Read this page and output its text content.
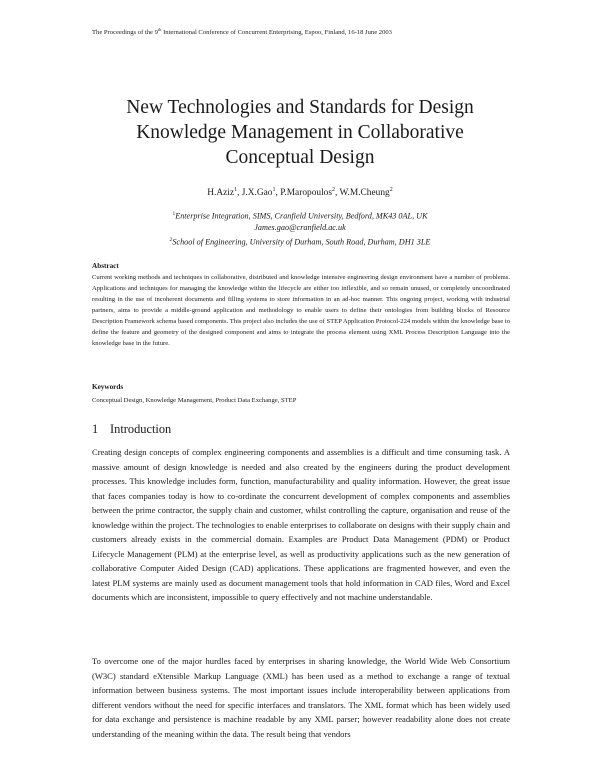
The Proceedings of the 9th International Conference of Concurrent Enterprising, Espoo, Finland, 16-18 June 2003
New Technologies and Standards for Design
Knowledge Management in Collaborative
Conceptual Design
H.Aziz$^1$, J.X.Gao$^1$, P.Maropoulos$^2$, W.M.Cheung$^2$
$^1$Enterprise Integration, SIMS, Cranfield University, Bedford, MK43 0AL, UK
James.gao@cranfield.ac.uk
$^2$School of Engineering, University of Durham, South Road, Durham, DH1 3LE
Abstract
Current working methods and techniques in collaborative, distributed and knowledge intensive engineering design environment have a number of problems. Applications and techniques for managing the knowledge within the lifecycle are either too inflexible, and so remain unused, or completely uncoordinated resulting in the use of incoherent documents and filling systems to store information in an ad-hoc manner. This ongoing project, working with industrial partners, aims to provide a middle-ground application and methodology to enable users to define their ontologies from building blocks of Resource Description Framework schema based components. This project also includes the use of STEP Application Protocol-224 models within the knowledge base to define the feature and geometry of the designed component and aims to integrate the process element using XML Process Description Language into the knowledge base in the future.
Keywords
Conceptual Design, Knowledge Management, Product Data Exchange, STEP
1 Introduction
Creating design concepts of complex engineering components and assemblies is a difficult and time consuming task. A massive amount of design knowledge is needed and also created by the engineers during the product development processes. This knowledge includes form, function, manufacturability and quality information. However, the great issue that faces companies today is how to co-ordinate the concurrent development of complex components and assemblies between the prime contractor, the supply chain and customer, whilst controlling the capture, organisation and reuse of the knowledge within the project. The technologies to enable enterprises to collaborate on designs with their supply chain and customers already exists in the commercial domain. Examples are Product Data Management (PDM) or Product Lifecycle Management (PLM) at the enterprise level, as well as productivity applications such as the new generation of collaborative Computer Aided Design (CAD) applications. These applications are fragmented however, and even the latest PLM systems are mainly used as document management tools that hold information in CAD files, Word and Excel documents which are inconsistent, impossible to query effectively and not machine understandable.
To overcome one of the major hurdles faced by enterprises in sharing knowledge, the World Wide Web Consortium (W3C) standard eXtensible Markup Language (XML) has been used as a method to exchange a range of textual information between business systems. The most important issues include interoperability between applications from different vendors without the need for specific interfaces and translators. The XML format which has been widely used for data exchange and persistence is machine readable by any XML parser; however readability alone does not create understanding of the meaning within the data. The result being that vendors
